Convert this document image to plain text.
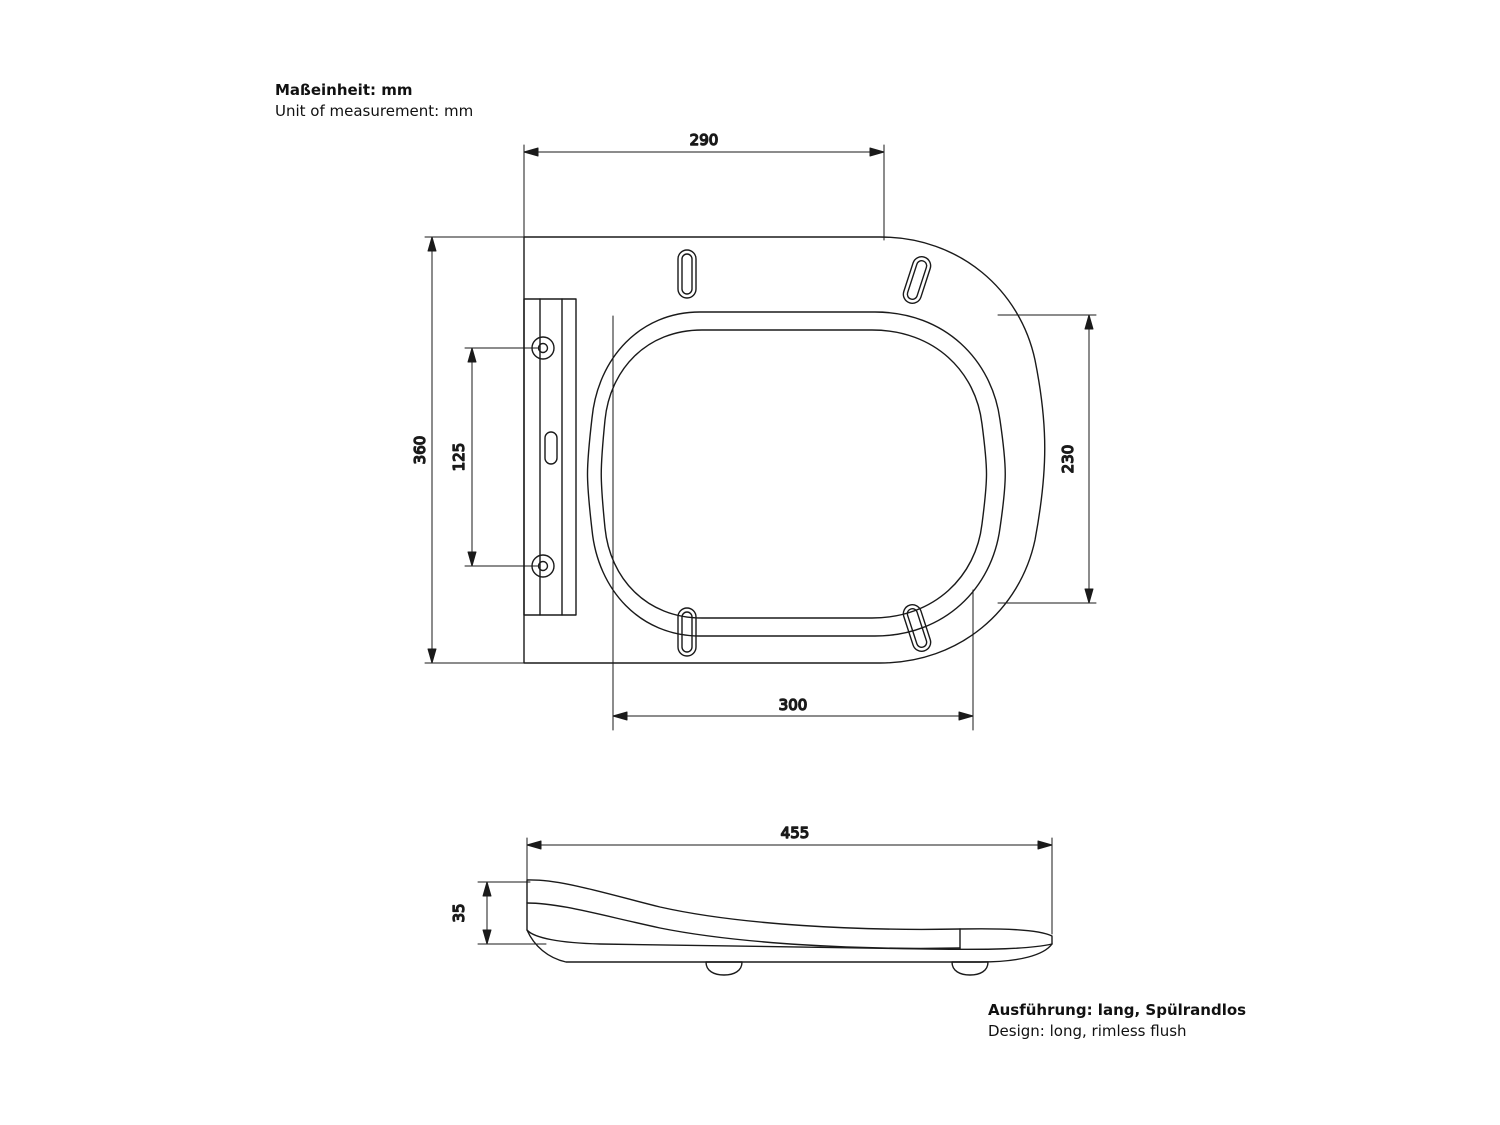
Maßeinheit: mm
Unit of measurement: mm
290
360 125	230
300
455
35
Ausführung: lang, Spülrandlos
Design: long, rimless flush
